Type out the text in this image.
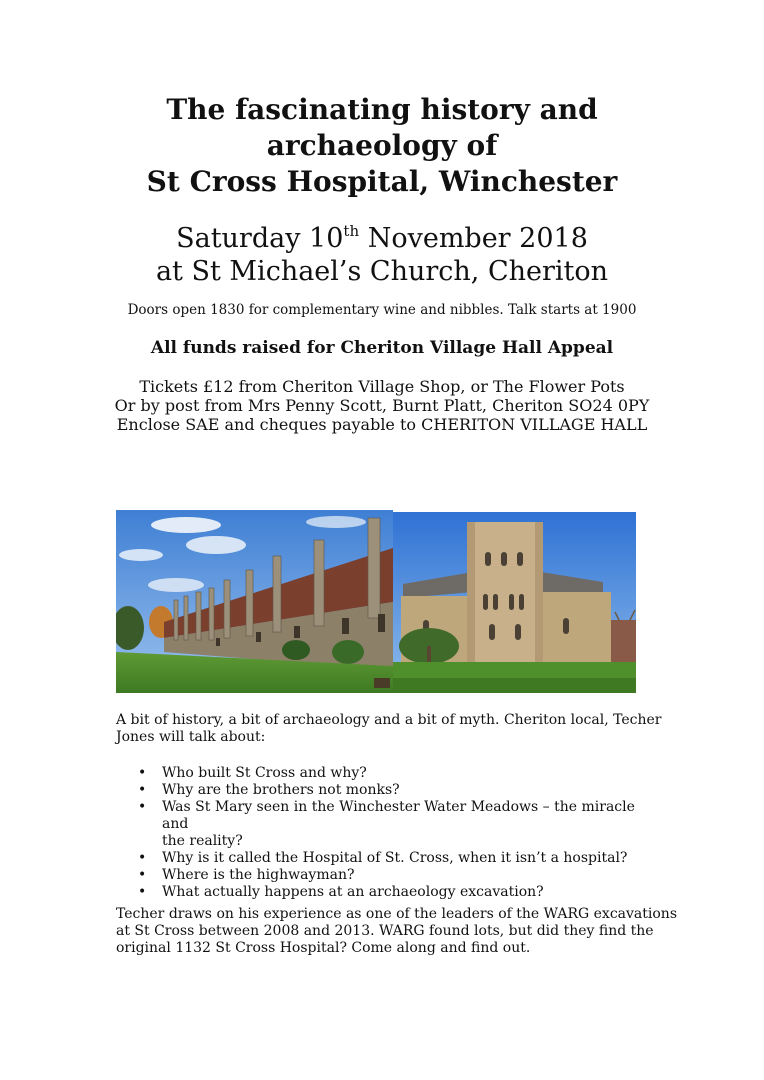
The fascinating history and
archaeology of
St Cross Hospital, Winchester
Saturday 10th November 2018
at St Michael’s Church, Cheriton
Doors open 1830 for complementary wine and nibbles. Talk starts at 1900
All funds raised for Cheriton Village Hall Appeal
Tickets £12 from Cheriton Village Shop, or The Flower Pots
Or by post from Mrs Penny Scott, Burnt Platt, Cheriton SO24 0PY
Enclose SAE and cheques payable to CHERITON VILLAGE HALL
A bit of history, a bit of archaeology and a bit of myth. Cheriton local, Techer
Jones will talk about:
• Who built St Cross and why?
• Why are the brothers not monks?
• Was St Mary seen in the Winchester Water Meadows – the miracle and
the reality?
• Why is it called the Hospital of St. Cross, when it isn’t a hospital?
• Where is the highwayman?
• What actually happens at an archaeology excavation?
Techer draws on his experience as one of the leaders of the WARG excavations
at St Cross between 2008 and 2013. WARG found lots, but did they find the
original 1132 St Cross Hospital? Come along and find out.
